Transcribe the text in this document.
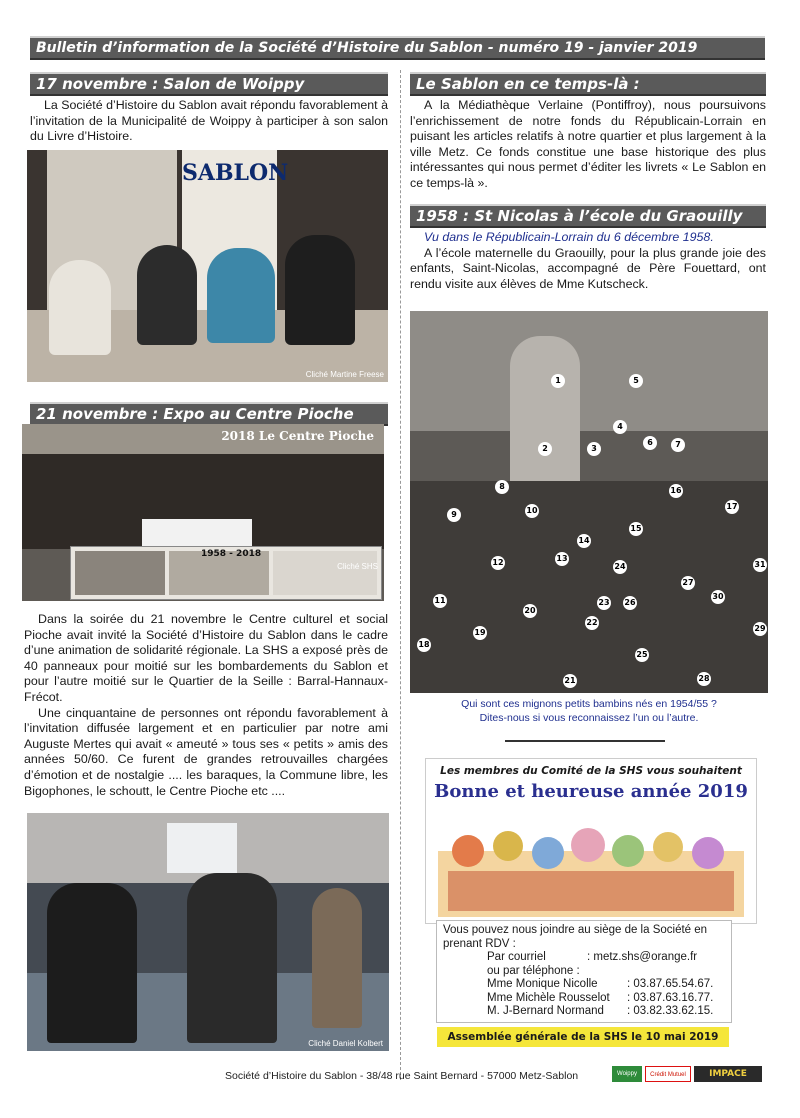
Bulletin d’information de la Société d’Histoire du Sablon - numéro 19 - janvier 2019
17 novembre : Salon de Woippy

La Société d’Histoire du Sablon avait répondu favorablement à l’invitation de la Municipalité de Woippy à participer à son salon du Livre d’Histoire.

SABLON
Cliché Martine Freese
21 novembre : Expo au Centre Pioche
2018 Le Centre Pioche
1958 - 2018
Cliché SHS

Dans la soirée du 21 novembre le Centre culturel et social Pioche avait invité la Société d’Histoire du Sablon dans le cadre d’une animation de solidarité régionale. La SHS a exposé près de 40 panneaux pour moitié sur les bombardements du Sablon et pour l’autre moitié sur le Quartier de la Seille : Barral-Hannaux-Frécot.

Une cinquantaine de personnes ont répondu favorablement à l’invitation diffusée largement et en particulier par notre ami Auguste Mertes qui avait « ameuté » tous ses « petits » amis des années 50/60. Ce furent de grandes retrouvailles chargées d’émotion et de nostalgie .... les baraques, la Commune libre, les Bigophones, le schoutt, le Centre Pioche etc ....

Cliché Daniel Kolbert
Le Sablon en ce temps-là :

A la Médiathèque Verlaine (Pontiffroy), nous poursuivons l’enrichissement de notre fonds du Républicain-Lorrain en puisant les articles relatifs à notre quartier et plus largement à la ville Metz. Ce fonds constitue une base historique des plus intéressantes qui nous permet d’éditer les livrets « Le Sablon en ce temps-là ».

1958 : St Nicolas à l’école du Graouilly

Vu dans le Républicain-Lorrain du 6 décembre 1958.

A l’école maternelle du Graouilly, pour la plus grande joie des enfants, Saint-Nicolas, accompagné de Père Fouettard, ont rendu visite aux élèves de Mme Kutscheck.

1
2	3
4
5
6	7
8
9	10
11
12	13
14
15
16
17
18
19
20
21
22
23
24
25
26
27
28
29
30
31
Qui sont ces mignons petits bambins nés en 1954/55 ?
Dites-nous si vous reconnaissez l’un ou l’autre.
Les membres du Comité de la SHS vous souhaitent
Bonne et heureuse année 2019
Vous pouvez nous joindre au siège de la Société en prenant RDV :
Par courriel	: metz.shs@orange.fr
ou par téléphone :
Mme Monique Nicolle	: 03.87.65.54.67.
Mme Michèle Rousselot	: 03.87.63.16.77.
M. J-Bernard Normand	: 03.82.33.62.15.
Assemblée générale de la SHS le 10 mai 2019
Société d’Histoire du Sablon - 38/48 rue Saint Bernard - 57000 Metz-Sablon	Woippy	Crédit Mutuel	IMPACE
